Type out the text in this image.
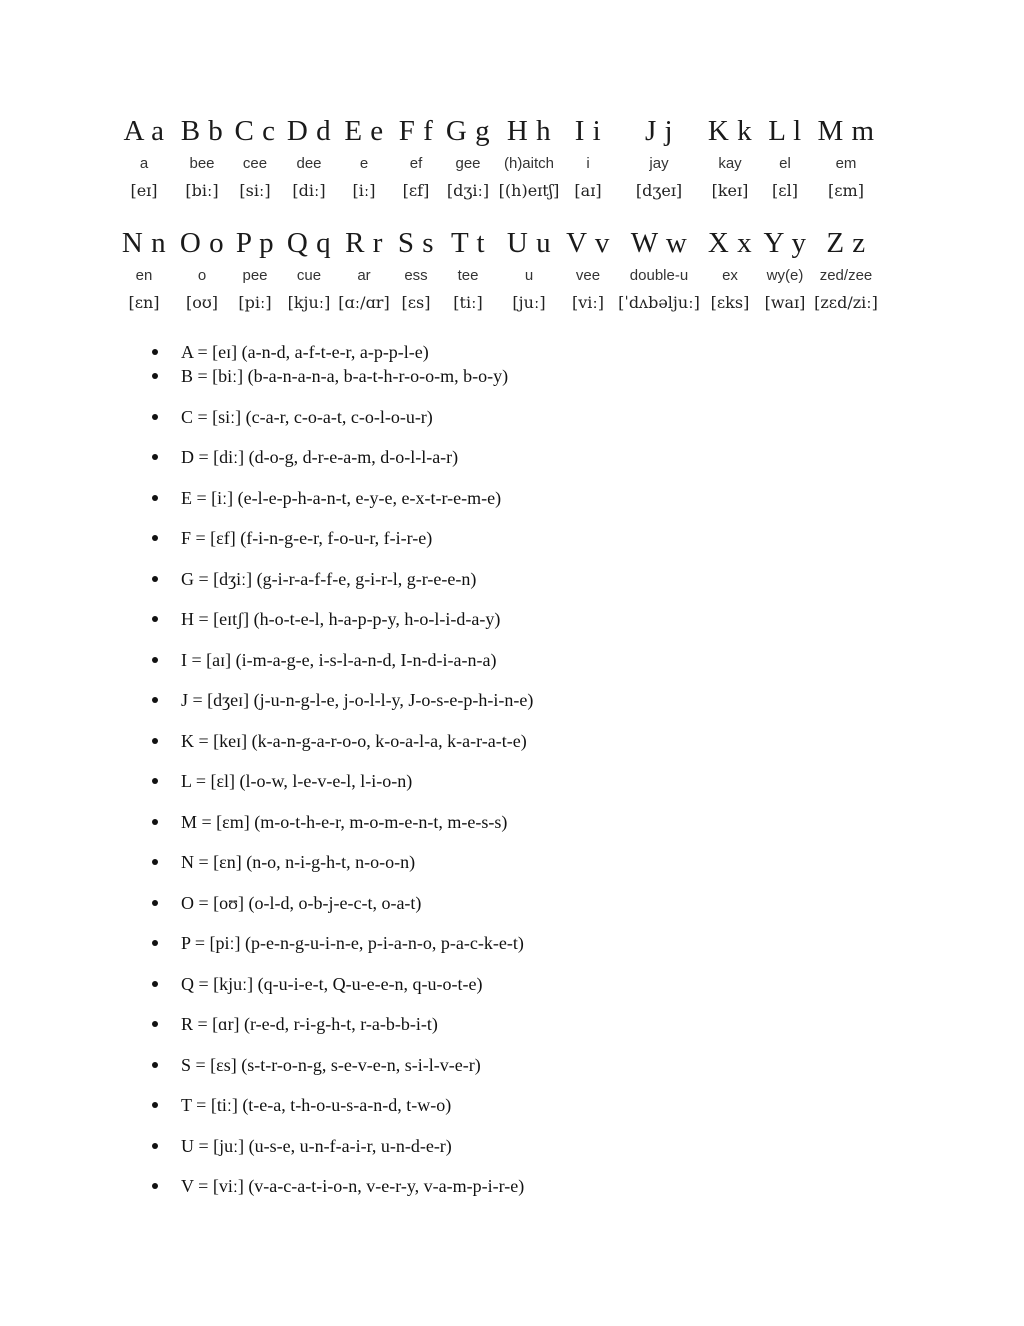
A a
a
[eɪ]
B b
bee
[biː]
C c
cee
[siː]
D d
dee
[diː]
E e
e
[iː]
F f
ef
[ɛf]
G g
gee
[dʒiː]
H h
(h)aitch
[(h)eɪtʃ]
I i
i
[aɪ]
J j
jay
[dʒeɪ]
K k
kay
[keɪ]
L l
el
[ɛl]
M m
em
[ɛm]
N n
en
[ɛn]
O o
o
[oʊ]
P p
pee
[piː]
Q q
cue
[kjuː]
R r
ar
[ɑː/ɑr]
S s
ess
[ɛs]
T t
tee
[tiː]
U u
u
[juː]
V v
vee
[viː]
W w
double-u
[ˈdʌbəljuː]
X x
ex
[ɛks]
Y y
wy(e)
[waɪ]
Z z
zed/zee
[zɛd/ziː]
A = [eɪ] (a-n-d, a-f-t-e-r, a-p-p-l-e)
B = [biː] (b-a-n-a-n-a, b-a-t-h-r-o-o-m, b-o-y)
C = [siː] (c-a-r, c-o-a-t, c-o-l-o-u-r)
D = [diː] (d-o-g, d-r-e-a-m, d-o-l-l-a-r)
E = [iː] (e-l-e-p-h-a-n-t, e-y-e, e-x-t-r-e-m-e)
F = [ɛf] (f-i-n-g-e-r, f-o-u-r, f-i-r-e)
G = [dʒiː] (g-i-r-a-f-f-e, g-i-r-l, g-r-e-e-n)
H = [eɪtʃ] (h-o-t-e-l, h-a-p-p-y, h-o-l-i-d-a-y)
I = [aɪ] (i-m-a-g-e, i-s-l-a-n-d, I-n-d-i-a-n-a)
J = [dʒeɪ] (j-u-n-g-l-e, j-o-l-l-y, J-o-s-e-p-h-i-n-e)
K = [keɪ] (k-a-n-g-a-r-o-o, k-o-a-l-a, k-a-r-a-t-e)
L = [ɛl] (l-o-w, l-e-v-e-l, l-i-o-n)
M = [ɛm] (m-o-t-h-e-r, m-o-m-e-n-t, m-e-s-s)
N = [ɛn] (n-o, n-i-g-h-t, n-o-o-n)
O = [oʊ] (o-l-d, o-b-j-e-c-t, o-a-t)
P = [piː] (p-e-n-g-u-i-n-e, p-i-a-n-o, p-a-c-k-e-t)
Q = [kjuː] (q-u-i-e-t, Q-u-e-e-n, q-u-o-t-e)
R = [ɑr] (r-e-d, r-i-g-h-t, r-a-b-b-i-t)
S = [ɛs] (s-t-r-o-n-g, s-e-v-e-n, s-i-l-v-e-r)
T = [tiː] (t-e-a, t-h-o-u-s-a-n-d, t-w-o)
U = [juː] (u-s-e, u-n-f-a-i-r, u-n-d-e-r)
V = [viː] (v-a-c-a-t-i-o-n, v-e-r-y, v-a-m-p-i-r-e)
